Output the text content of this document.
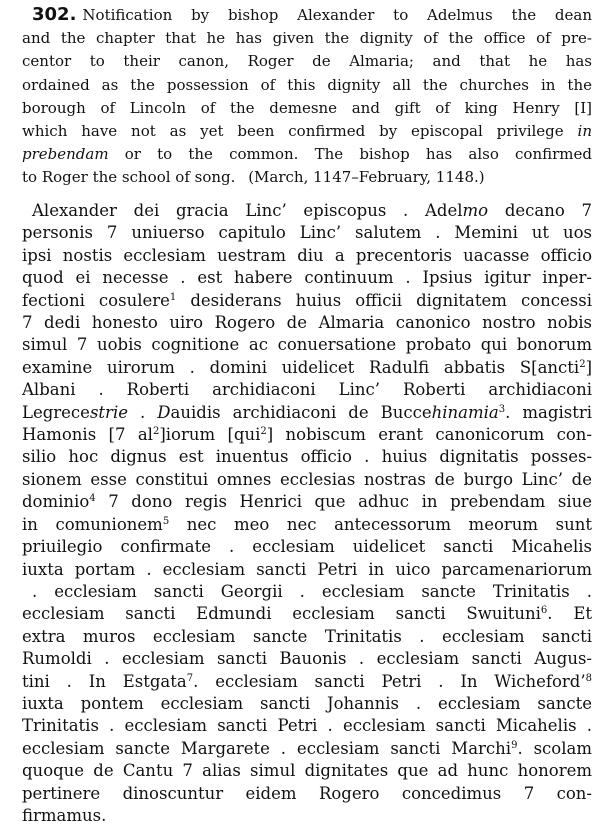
302. Notification by bishop Alexander to Adelmus the dean
and the chapter that he has given the dignity of the office of pre-
centor to their canon, Roger de Almaria; and that he has
ordained as the possession of this dignity all the churches in the
borough of Lincoln of the demesne and gift of king Henry [I]
which have not as yet been confirmed by episcopal privilege in
prebendam or to the common. The bishop has also confirmed
to Roger the school of song. (March, 1147–February, 1148.)
Alexander dei gracia Linc’ episcopus . Adelmo decano 7
personis 7 uniuerso capitulo Linc’ salutem . Memini ut uos
ipsi nostis ecclesiam uestram diu a precentoris uacasse officio
quod ei necesse . est habere continuum . Ipsius igitur inper-
fectioni cosulere$^1$ desiderans huius officii dignitatem concessi
7 dedi honesto uiro Rogero de Almaria canonico nostro nobis
simul 7 uobis cognitione ac conuersatione probato qui bonorum
examine uirorum . domini uidelicet Radulfi abbatis S[ancti$^2$]
Albani . Roberti archidiaconi Linc’ Roberti archidiaconi
Legrecestrie . Dauidis archidiaconi de Buccehinamia$^3$. magistri
Hamonis [7 $al^2]iorum$ [qui$^2$] nobiscum erant canonicorum con-
silio hoc dignus est inuentus officio . huius dignitatis posses-
sionem esse constitui omnes ecclesias nostras de burgo Linc’ de
dominio$^4$ 7 dono regis Henrici que adhuc in prebendam siue
in comunionem$^5$ nec meo nec antecessorum meorum sunt
priuilegio confirmate . ecclesiam uidelicet sancti Micahelis
iuxta portam . ecclesiam sancti Petri in uico parcamenariorum
. ecclesiam sancti Georgii . ecclesiam sancte Trinitatis .
ecclesiam sancti Edmundi ecclesiam sancti Swuituni$^6$. Et
extra muros ecclesiam sancte Trinitatis . ecclesiam sancti
Rumoldi . ecclesiam sancti Bauonis . ecclesiam sancti Augus-
tini . In Estgata$^7$. ecclesiam sancti Petri . In Wicheford’$^8$
iuxta pontem ecclesiam sancti Johannis . ecclesiam sancte
Trinitatis . ecclesiam sancti Petri . ecclesiam sancti Micahelis .
ecclesiam sancte Margarete . ecclesiam sancti Marchi$^9$. scolam
quoque de Cantu 7 alias simul dignitates que ad hunc honorem
pertinere dinoscuntur eidem Rogero concedimus 7 con-
firmamus.
